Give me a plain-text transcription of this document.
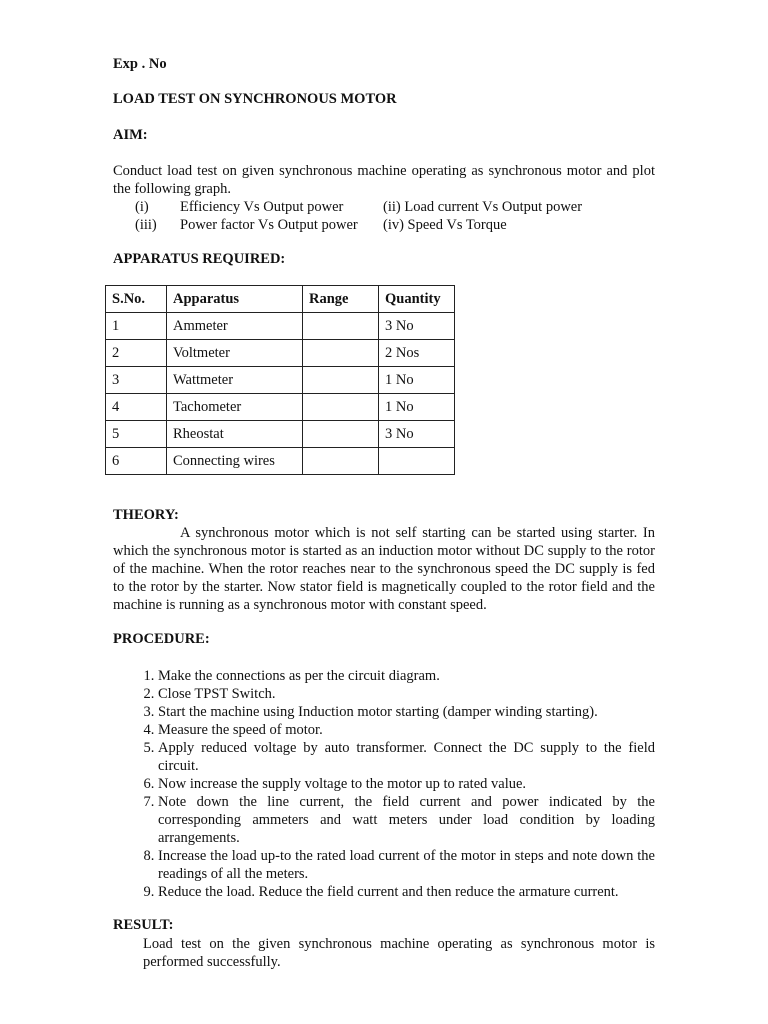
Exp . No
LOAD TEST ON SYNCHRONOUS MOTOR
AIM:
Conduct load test on given synchronous machine operating as synchronous motor and plot the following graph.
(i) Efficiency Vs Output power	(ii) Load current Vs Output power
(iii) Power factor Vs Output power (iv) Speed Vs Torque
APPARATUS REQUIRED:
S.No.	Apparatus	Range	Quantity
1	Ammeter		3 No
2	Voltmeter		2 Nos
3	Wattmeter		1 No
4	Tachometer		1 No
5	Rheostat		3 No
6	Connecting wires		
THEORY:
A synchronous motor which is not self starting can be started using starter. In which the synchronous motor is started as an induction motor without DC supply to the rotor of the machine. When the rotor reaches near to the synchronous speed the DC supply is fed to the rotor by the starter. Now stator field is magnetically coupled to the rotor field and the machine is running as a synchronous motor with constant speed.
PROCEDURE:
1. Make the connections as per the circuit diagram.
2. Close TPST Switch.
3. Start the machine using Induction motor starting (damper winding starting).
4. Measure the speed of motor.
5. Apply reduced voltage by auto transformer. Connect the DC supply to the field circuit.
6. Now increase the supply voltage to the motor up to rated value.
7. Note down the line current, the field current and power indicated by the corresponding ammeters and watt meters under load condition by loading arrangements.
8. Increase the load up-to the rated load current of the motor in steps and note down the readings of all the meters.
9. Reduce the load. Reduce the field current and then reduce the armature current.
RESULT:
Load test on the given synchronous machine operating as synchronous motor is performed successfully.
